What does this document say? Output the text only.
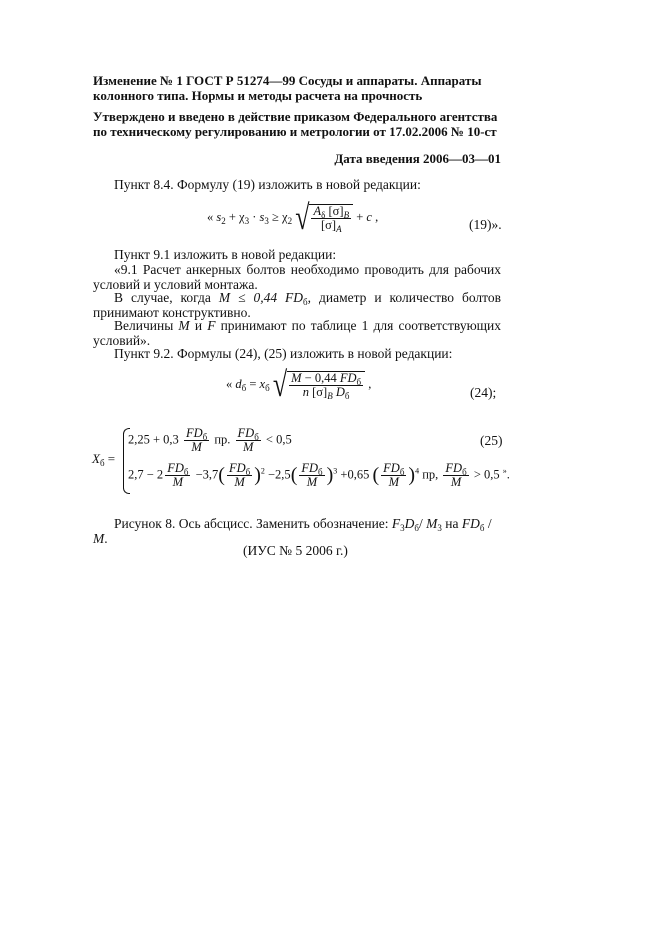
Изменение № 1 ГОСТ Р 51274—99 Сосуды и аппараты. Аппараты колонного типа. Нормы и методы расчета на прочность
Утверждено и введено в действие приказом Федерального агентства по техническому регулированию и метрологии от 17.02.2006 № 10-ст
Дата введения 2006—03—01
Пункт 8.4. Формулу (19) изложить в новой редакции:
« $s_2 + \chi_3 \cdot s_3 \ge \chi_2$ √ $\frac{A_\delta [\sigma]_B}{[\sigma]_A} + c$ ,
(19)».
Пункт 9.1 изложить в новой редакции:
«9.1 Расчет анкерных болтов необходимо проводить для рабочих условий и условий монтажа.
В случае, когда M ≤ 0,44 $FD_б$, диаметр и количество болтов принимают конструктивно.
Величины M и F принимают по таблице 1 для соответствующих условий».
Пункт 9.2. Формулы (24), (25) изложить в новой редакции:
« $d_б = x_б$ √ $\frac{M - 0,44 FD_б}{n [\sigma]_B D_б}$ ,
(24);
$X_б$ =
$2,25 + 0,3 \frac{FD_б}{M}$ пр. $\frac{FD_б}{M} < 0,5$
$2,7 - 2 \frac{FD_б}{M} -3,7( \frac{FD_б}{M} )^2 -2,5( \frac{FD_б}{M} )^3 +0,65$ ( $\frac{FD_б}{M} )^4$ пр, $\frac{FD_б}{M} > 0,5$ ».
(25)
Рисунок 8. Ось абсцисс. Заменить обозначение: $F_3D_б/$ $M_3$ на $FD_б$ / M.
(ИУС № 5 2006 г.)
